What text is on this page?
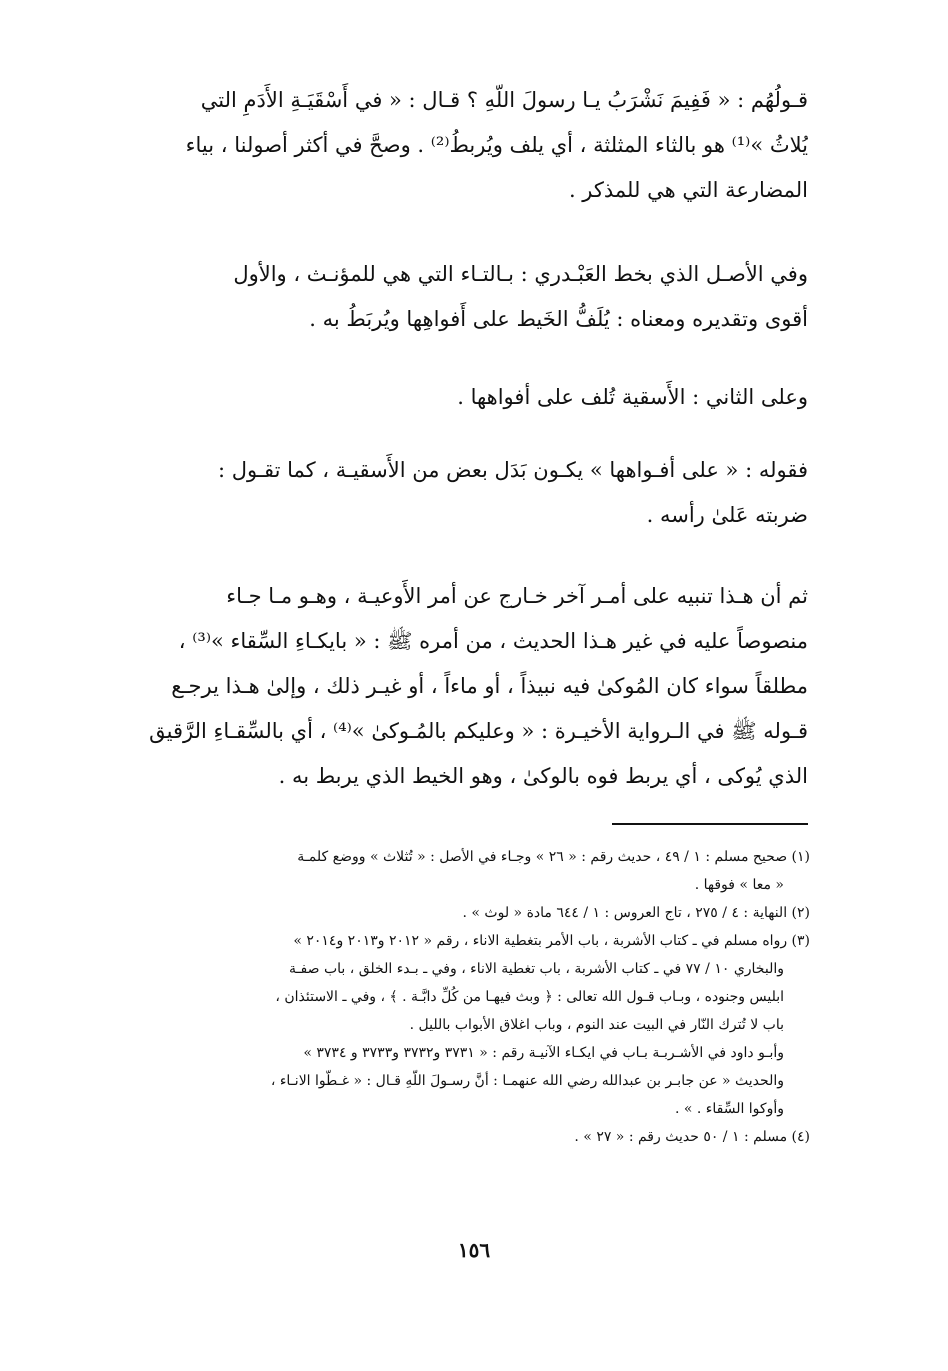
قـولُهُم : « فَفِيمَ نَشْرَبُ يـا رسولَ اللّهِ ؟ قـال : « في أَسْقَيَـةِ الأَدَمِ التي
يُلاثُ »⁽¹⁾ هو بالثاء المثلثة ، أي يلف ويُربطُ⁽²⁾ . وصحَّ في أكثر أصولنا ، بياء
المضارعة التي هي للمذكر .
وفي الأصـل الذي بخط العَبْـدري : بـالتـاء التي هي للمؤنـث ، والأول
أقوى وتقديره ومعناه : يُلَفُّ الخَيط على أَفواهِها ويُربَطُ به .
وعلى الثاني : الأَسقية تُلف على أفواهها .
فقوله : « على أفـواهها » يكـون بَدَل بعض من الأَسقيـة ، كما تقـول :
ضربته عَلىٰ رأسه .
ثم أن هـذا تنبيه على أمـر آخر خـارج عن أمر الأَوعيـة ، وهـو مـا جـاء
منصوصاً عليه في غير هـذا الحديث ، من أمره ﷺ : « بايكـاءِ السِّقاء »⁽³⁾ ،
مطلقاً سواء كان المُوكىٰ فيه نبيذاً ، أو ماءاً ، أو غيـر ذلك ، وإلىٰ هـذا يرجـع
قـوله ﷺ في الـرواية الأخيـرة : « وعليكم بالمُـوكىٰ »⁽⁴⁾ ، أي بالسِّقـاءِ الرَّقيق
الذي يُوكى ، أي يربط فوه بالوكىٰ ، وهو الخيط الذي يربط به .
(١) صحيح مسلم : ١ / ٤٩ ، حديث رقم : « ٢٦ » وجـاء في الأصل : « تُثلاث » ووضع كلمـة
« معا » فوقها .
(٢) النهاية : ٤ / ٢٧٥ ، تاج العروس : ١ / ٦٤٤ مادة « لوث » .
(٣) رواه مسلم في ـ كتاب الأشربة ، باب الأمر بتغطية الاناء ، رقم « ٢٠١٢ و٢٠١٣ و٢٠١٤ »
والبخاري ١٠ / ٧٧ في ـ كتاب الأشربة ، باب تغطية الاناء ، وفي ـ بـدء الخلق ، باب صفـة
ابليس وجنوده ، وبـاب قـول الله تعالى : ﴿ وبث فيهـا من كُلِّ دابَّـة . ﴾ ، وفي ـ الاستئذان ،
باب لا تُترك النّار في البيت عند النوم ، وباب اغلاق الأبواب بالليل .
وأبـو داود في الأشـربـة بـاب في ايكـاء الآنيـة رقم : « ٣٧٣١ و٣٧٣٢ و٣٧٣٣ و ٣٧٣٤ »
والحديث « عن جابـر بن عبدالله رضي الله عنهمـا : أنَّ رسـولَ اللّهِ قـال : « غـطّوا الانـاء ،
وأوكوا السِّقاء . » .
(٤) مسلم : ١ / ٥٠ حديث رقم : « ٢٧ » .
١٥٦
